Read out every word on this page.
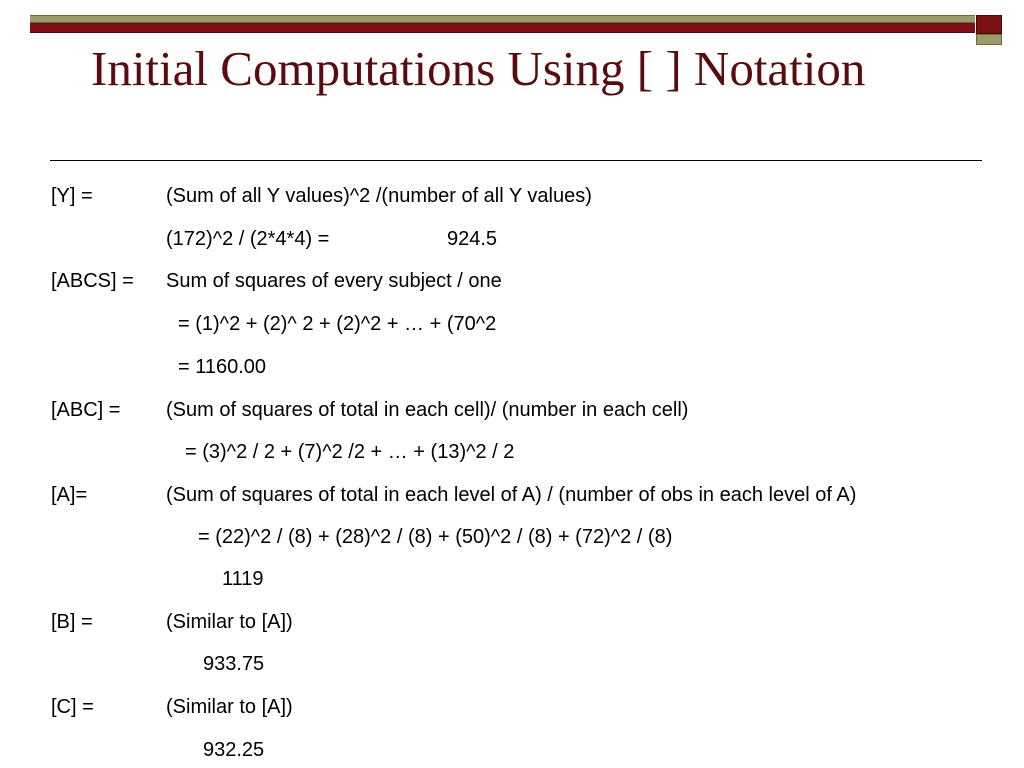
Initial Computations Using [ ] Notation
[Y] =	(Sum of all Y values)^2 /(number of all Y values)
(172)^2 / (2*4*4) =	924.5
[ABCS] = Sum of squares of every subject / one
= (1)^2 + (2)^ 2 + (2)^2 + … + (70^2
= 1160.00
[ABC] = (Sum of squares of total in each cell)/ (number in each cell)
= (3)^2 / 2 + (7)^2 /2 + … + (13)^2 / 2
[A]=	(Sum of squares of total in each level of A) / (number of obs in each level of A)
= (22)^2 / (8) + (28)^2 / (8) + (50)^2 / (8) + (72)^2 / (8)
1119
[B] =	(Similar to [A])
933.75
[C] =	(Similar to [A])
932.25
